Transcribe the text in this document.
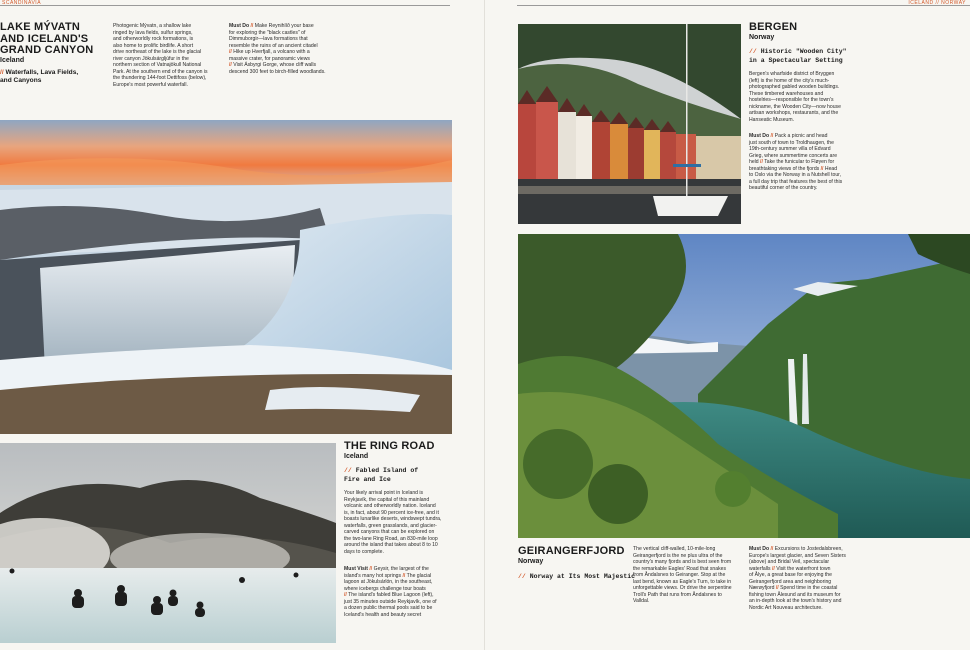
SCANDINAVIA
LAKE MÝVATN
AND ICELAND'S
GRAND CANYON
Iceland
// Waterfalls, Lava Fields,
and Canyons
Photogenic Mývatn, a shallow lake
ringed by lava fields, sulfur springs,
and otherworldly rock formations, is
also home to prolific birdlife. A short
drive northeast of the lake is the glacial
river canyon Jökulsárgljúfur in the
northern section of Vatnajökull National
Park. At the southern end of the canyon is
the thundering 144-foot Dettifoss (below),
Europe's most powerful waterfall.
Must Do // Make Reynihlíð your base
for exploring the "black castles" of
Dimmuborgir—lava formations that
resemble the ruins of an ancient citadel
// Hike up Hverfjall, a volcano with a
massive crater, for panoramic views
// Visit Ásbyrgi Gorge, whose cliff walls
descend 300 feet to birch-filled woodlands.
THE RING ROAD
Iceland
// Fabled Island of
Fire and Ice
Your likely arrival point in Iceland is
Reykjavík, the capital of this mainland
volcanic and otherworldly nation. Iceland
is, in fact, about 90 percent ice-free, and it
boasts lunarlike deserts, windswept tundra,
waterfalls, green grasslands, and glacier-
carved canyons that can be explored on
the two-lane Ring Road, an 830-mile loop
around the island that takes about 8 to 10
days to complete.
Must Visit // Geysir, the largest of the
island's many hot springs // The glacial
lagoon at Jökulsárlón, in the southeast,
where icebergs challenge tour boats
// The island's fabled Blue Lagoon (left),
just 35 minutes outside Reykjavík, one of
a dozen public thermal pools said to be
Iceland's health and beauty secret
ICELAND // NORWAY
BERGEN
Norway
// Historic "Wooden City"
in a Spectacular Setting
Bergen's wharfside district of Bryggen
(left) is the home of the city's much-
photographed gabled wooden buildings.
These timbered warehouses and
hostelries—responsible for the town's
nickname, the Wooden City—now house
artisan workshops, restaurants, and the
Hanseatic Museum.
Must Do // Pack a picnic and head
just south of town to Troldhaugen, the
19th-century summer villa of Edvard
Grieg, where summertime concerts are
held // Take the funicular to Fløyen for
breathtaking views of the fjords // Head
to Oslo via the Norway in a Nutshell tour,
a full day trip that features the best of this
beautiful corner of the country.
GEIRANGERFJORD
Norway
// Norway at Its Most Majestic
The vertical cliff-walled, 10-mile-long
Geirangerfjord is the ne plus ultra of the
country's many fjords and is best seen from
the remarkable Eagles' Road that snakes
from Åndalsnes to Geiranger. Stop at the
last bend, known as Eagle's Turn, to take in
unforgettable views. Or drive the serpentine
Troll's Path that runs from Åndalsnes to
Valldal.
Must Do // Excursions to Jostedalsbreen,
Europe's largest glacier, and Seven Sisters
(above) and Bridal Veil, spectacular
waterfalls // Visit the waterfront town
of Ålye, a great base for enjoying the
Geirangerfjord area and neighboring
Nærøyfjord // Spend time in the coastal
fishing town Ålesund and its museum for
an in-depth look at the town's history and
Nordic Art Nouveau architecture.
